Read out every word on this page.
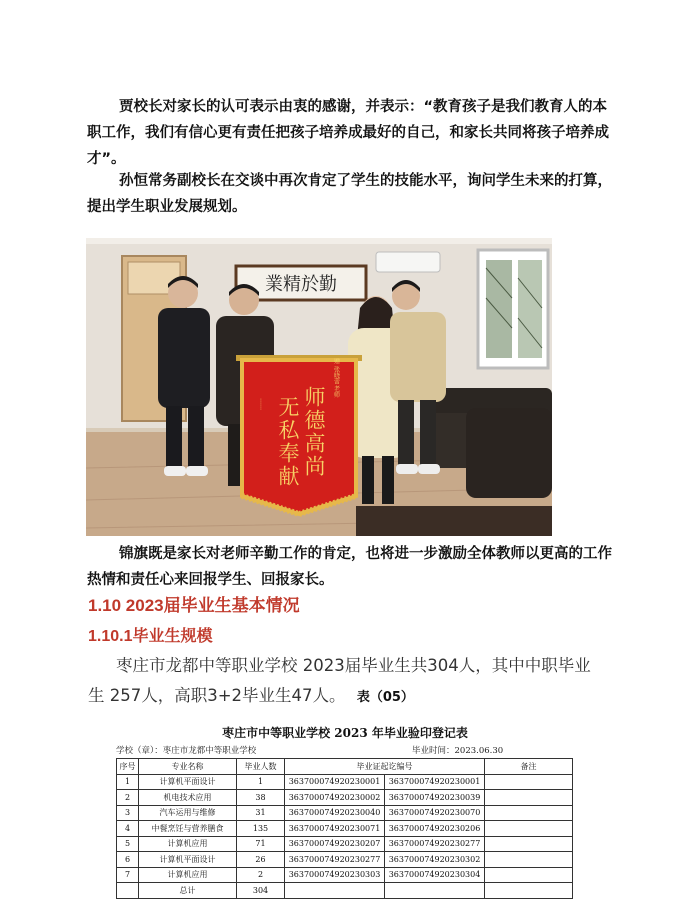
贾校长对家长的认可表示由衷的感谢，并表示：“教育孩子是我们教育人的本职工作，我们有信心更有责任把孩子培养成最好的自己，和家长共同将孩子培养成才”。

孙恒常务副校长在交谈中再次肯定了学生的技能水平，询问学生未来的打算，提出学生职业发展规划。

業精於勤
赠 张晓蕾 老师
师德高尚
无私奉献
……

锦旗既是家长对老师辛勤工作的肯定，也将进一步激励全体教师以更高的工作热情和责任心来回报学生、回报家长。

1.10 2023届毕业生基本情况
1.10.1毕业生规模

枣庄市龙都中等职业学校 2023届毕业生共304人，其中中职毕业

生 257人，高职3+2毕业生47人。 表（05）

枣庄市中等职业学校 2023 年毕业验印登记表
学校（章）：枣庄市龙都中等职业学校	毕业时间：2023.06.30
序号	专业名称	毕业人数	毕业证起讫编号		备注
1	计算机平面设计	1	363700074920230001	363700074920230001	
2	机电技术应用	38	363700074920230002	363700074920230039	
3	汽车运用与维修	31	363700074920230040	363700074920230070	
4	中餐烹饪与营养膳食	135	363700074920230071	363700074920230206	
5	计算机应用	71	363700074920230207	363700074920230277	
6	计算机平面设计	26	363700074920230277	363700074920230302	
7	计算机应用	2	363700074920230303	363700074920230304	
	总计	304			
